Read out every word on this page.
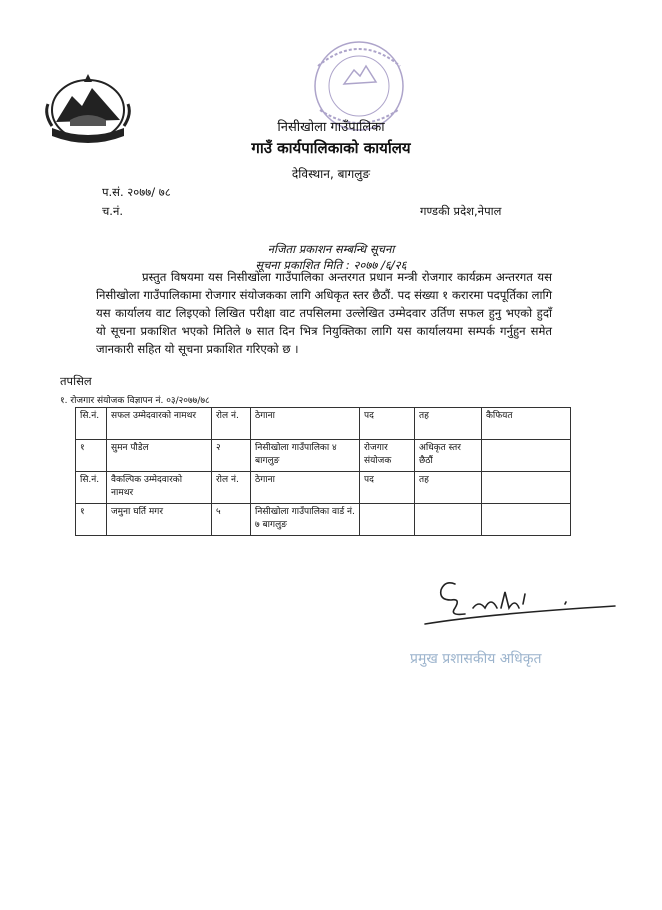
निसीखोला गाउँपालिका
गाउँ कार्यपालिकाको कार्यालय
देविस्थान, बागलुङ
प.सं. २०७७/ ७८
च.नं.	गण्डकी प्रदेश,नेपाल
नजिता प्रकाशन सम्बन्धि सूचना
सूचना प्रकाशित मिति : २०७७ /६/२६
प्रस्तुत विषयमा यस निसीखोला गाउँपालिका अन्तरगत प्रधान मन्त्री रोजगार कार्यक्रम अन्तरगत यस निसीखोला गाउँपालिकामा रोजगार संयोजकका लागि अधिकृत स्तर छैठौं. पद संख्या १ करारमा पदपूर्तिका लागि यस कार्यालय वाट लिइएको लिखित परीक्षा वाट तपसिलमा उल्लेखित उम्मेदवार उर्तिण सफल हुनु भएको हुदाँ यो सूचना प्रकाशित भएको मितिले ७ सात दिन भित्र नियुक्तिका लागि यस कार्यालयमा सम्पर्क गर्नुहुन समेत जानकारी सहित यो सूचना प्रकाशित गरिएको छ ।
तपसिल
१. रोजगार संयोजक विज्ञापन नं. ०३/२०७७/७८
सि.नं.	सफल उम्मेदवारको नामथर	रोल नं.	ठेगाना	पद	तह	कैफियत
१	सुमन पौडेल	२	निसीखोला गाउँपालिका ४ बागलुङ	रोजगार संयोजक	अधिकृत स्तर छैठौं	
सि.नं.	वैकल्पिक उम्मेदवारको नामथर	रोल नं.	ठेगाना	पद	तह	
१	जमुना घर्ति मगर	५	निसीखोला गाउँपालिका वार्ड नं. ७ बागलुङ			
प्रमुख प्रशासकीय अधिकृत
